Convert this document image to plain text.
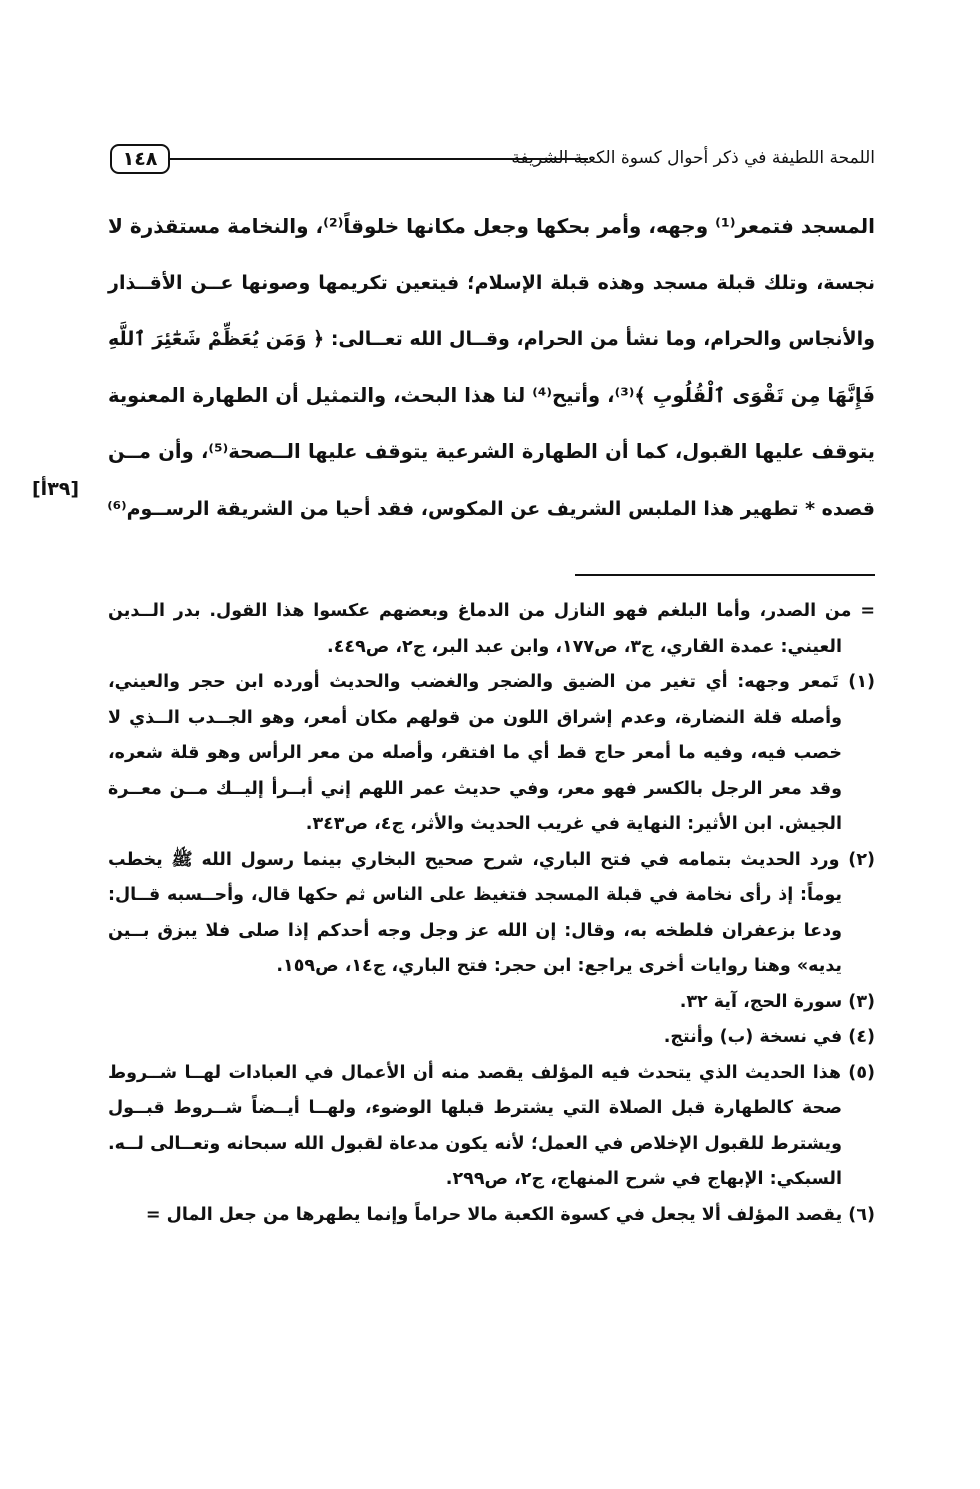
١٤٨	اللمحة اللطيفة في ذكر أحوال كسوة الكعبة الشريفة

المسجد فتمعر⁽¹⁾ وجهه، وأمر بحكها وجعل مكانها خلوقاً⁽²⁾، والنخامة مستقذرة لا

نجسة، وتلك قبلة مسجد وهذه قبلة الإسلام؛ فيتعين تكريمها وصونها عــن الأقــذار

والأنجاس والحرام، وما نشأ من الحرام، وقــال الله تعــالى: ﴿ وَمَن يُعَظِّمْ شَعَٰٓئِرَ ٱللَّهِ

فَإِنَّهَا مِن تَقْوَى ٱلْقُلُوبِ ﴾⁽³⁾، وأتيح⁽⁴⁾ لنا هذا البحث، والتمثيل أن الطهارة المعنوية

يتوقف عليها القبول، كما أن الطهارة الشرعية يتوقف عليها الــصحة⁽⁵⁾، وأن مــن

قصده * تطهير هذا الملبس الشريف عن المكوس، فقد أحيا من الشريقة الرســوم⁽⁶⁾

[٣٩أ]

= من الصدر، وأما البلغم فهو النازل من الدماغ وبعضهم عكسوا هذا القول. بدر الــدين

العيني: عمدة القاري، ج٣، ص١٧٧، وابن عبد البر، ج٢، ص٤٤٩.

(١) تَمعر وجهه: أي تغير من الضيق والضجر والغضب والحديث أورده ابن حجر والعيني،

وأصله قلة النضارة، وعدم إشراق اللون من قولهم مكان أمعر، وهو الجــدب الــذي لا

خصب فيه، وفيه ما أمعر حاج قط أي ما افتقر، وأصله من معر الرأس وهو قلة شعره،

وقد معر الرجل بالكسر فهو معر، وفي حديث عمر اللهم إني أبــرأ إليــك مــن معــرة

الجيش. ابن الأثير: النهاية في غريب الحديث والأثر، ج٤، ص٣٤٣.

(٢) ورد الحديث بتمامه في فتح الباري، شرح صحيح البخاري بينما رسول الله ﷺ يخطب

يوماً: إذ رأى نخامة في قبلة المسجد فتغيظ على الناس ثم حكها قال، وأحــسبه قــال:

ودعا بزعفران فلطخه به، وقال: إن الله عز وجل وجه أحدكم إذا صلى فلا يبزق بــين

يديه» وهنا روايات أخرى يراجع: ابن حجر: فتح الباري، ج١٤، ص١٥٩.

(٣) سورة الحج، آية ٣٢.

(٤) في نسخة (ب) وأنتج.

(٥) هذا الحديث الذي يتحدث فيه المؤلف يقصد منه أن الأعمال في العبادات لهــا شــروط

صحة كالطهارة قبل الصلاة التي يشترط قبلها الوضوء، ولهــا أيــضاً شــروط قبــول

ويشترط للقبول الإخلاص في العمل؛ لأنه يكون مدعاة لقبول الله سبحانه وتعــالى لــه.

السبكي: الإبهاج في شرح المنهاج، ج٢، ص٢٩٩.

(٦) يقصد المؤلف ألا يجعل في كسوة الكعبة مالا حراماً وإنما يطهرها من جعل المال =
